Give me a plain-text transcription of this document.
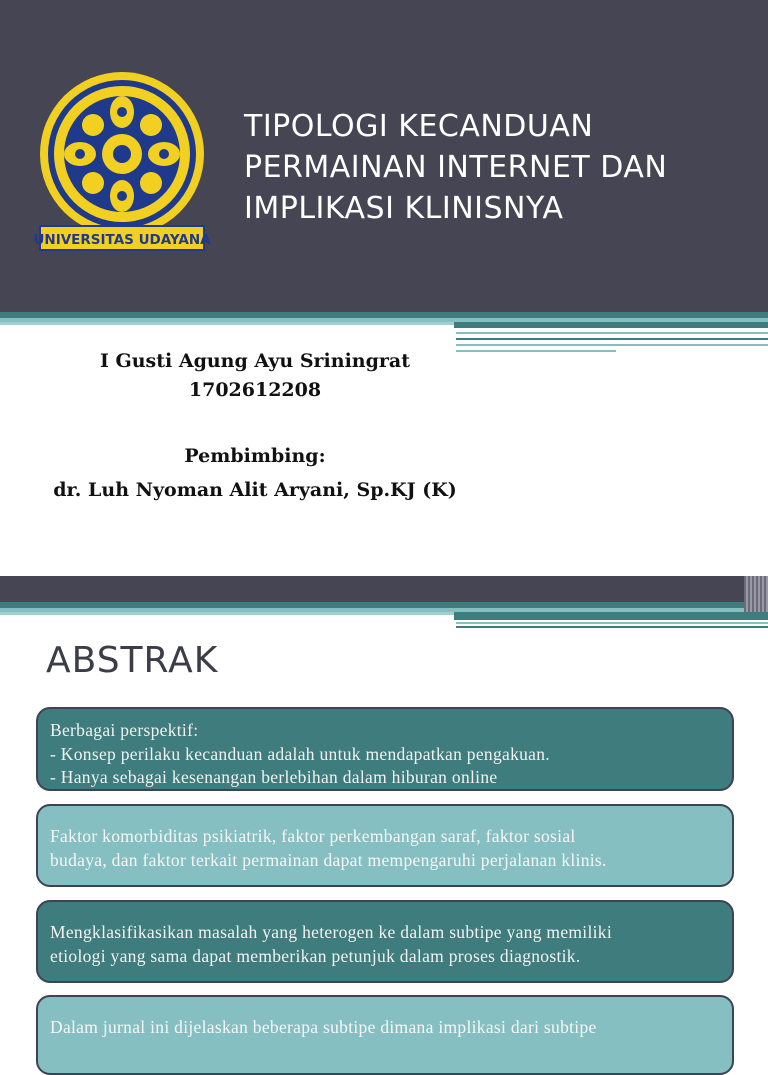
UNIVERSITAS UDAYANA
TIPOLOGI KECANDUAN
PERMAINAN INTERNET DAN
IMPLIKASI KLINISNYA
I Gusti Agung Ayu Sriningrat
1702612208
Pembimbing:
dr. Luh Nyoman Alit Aryani, Sp.KJ (K)
ABSTRAK
Berbagai perspektif:
- Konsep perilaku kecanduan adalah untuk mendapatkan pengakuan.
- Hanya sebagai kesenangan berlebihan dalam hiburan online
Faktor komorbiditas psikiatrik, faktor perkembangan saraf, faktor sosial
budaya, dan faktor terkait permainan dapat mempengaruhi perjalanan klinis.
Mengklasifikasikan masalah yang heterogen ke dalam subtipe yang memiliki
etiologi yang sama dapat memberikan petunjuk dalam proses diagnostik.
Dalam jurnal ini dijelaskan beberapa subtipe dimana implikasi dari subtipe
